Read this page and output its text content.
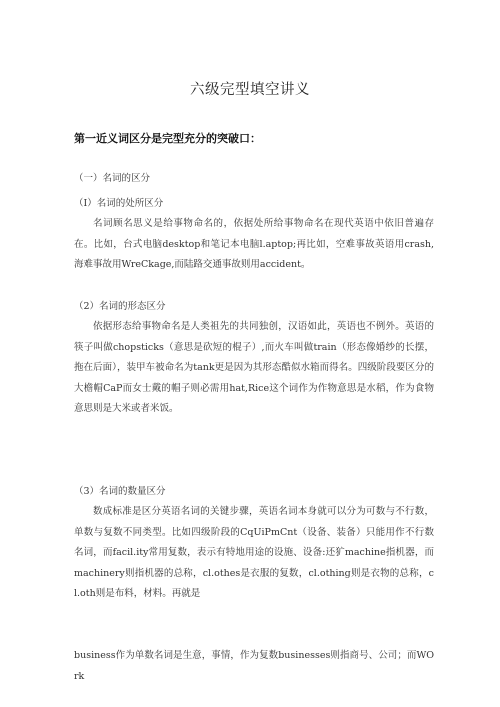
六级完型填空讲义
第一近义词区分是完型充分的突破口：
（一）名词的区分
（I）名词的处所区分

名词顾名思义是给事物命名的，依据处所给事物命名在现代英语中依旧普遍存在。比如，台式电脑desktop和笔记本电脑l.aptop;再比如，空难事故英语用crash,海难事故用WreCkage,而陆路交通事故则用accident。

（2）名词的形态区分

依据形态给事物命名是人类祖先的共同独创，汉语如此，英语也不例外。英语的筷子叫做chopsticks（意思是砍短的棍子）,而火车叫做train（形态像婚纱的长摆，拖在后面），装甲车被命名为tank更是因为其形态酷似水箱而得名。四级阶段要区分的大檐帽CaP而女士戴的帽子则必需用hat,Rice这个词作为作物意思是水稻，作为食物意思则是大米或者米饭。

（3）名词的数量区分

数成标准是区分英语名词的关键步骤，英语名词本身就可以分为可数与不行数，单数与复数不同类型。比如四级阶段的CqUiPmCnt（设备、装备）只能用作不行数名词，而facil.ity常用复数，表示有特地用途的设施、设备:还犷machine指机器，而machinery则指机器的总称，cl.othes是衣服的复数，cl.othing则是衣物的总称，cl.oth则是布料，材料。再就是

business作为单数名词是生意，事情，作为复数businesses则指商号、公司；而WOrk
